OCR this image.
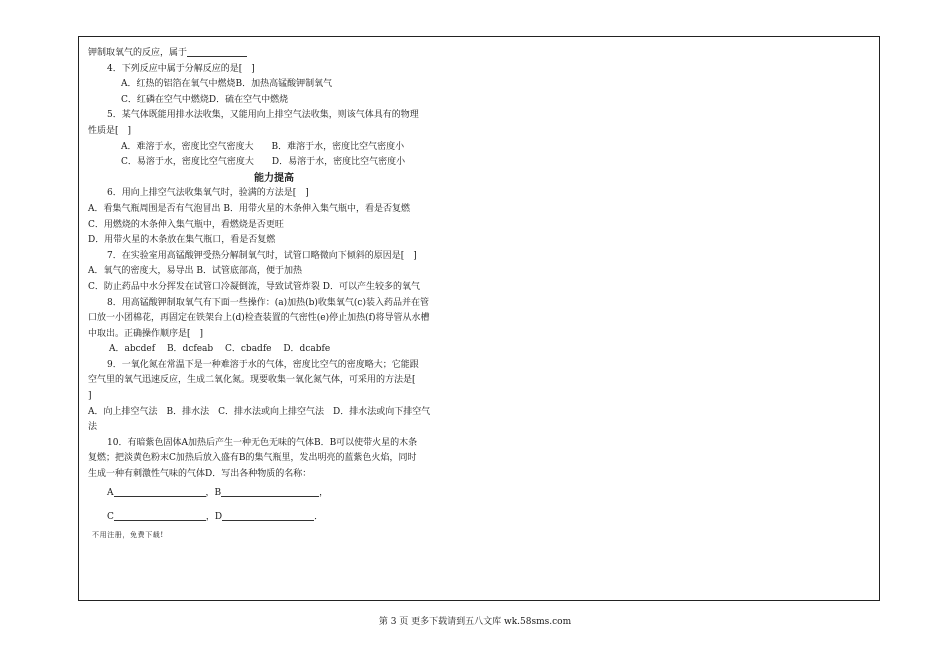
钾制取氧气的反应，属于
4．下列反应中属于分解反应的是[　]
A．红热的铝箔在氧气中燃烧B．加热高锰酸钾制氧气
C．红磷在空气中燃烧D．硫在空气中燃烧
5．某气体既能用排水法收集，又能用向上排空气法收集，则该气体具有的物理
性质是[　]
A．难溶于水，密度比空气密度大　　B．难溶于水，密度比空气密度小
C．易溶于水，密度比空气密度大　　D．易溶于水，密度比空气密度小
能力提高
6．用向上排空气法收集氧气时，验满的方法是[　]
A．看集气瓶周围是否有气泡冒出 B．用带火星的木条伸入集气瓶中，看是否复燃
C．用燃烧的木条伸入集气瓶中，看燃烧是否更旺
D．用带火星的木条放在集气瓶口，看是否复燃
7．在实验室用高锰酸钾受热分解制氧气时，试管口略微向下倾斜的原因是[　]
A．氧气的密度大，易导出 B．试管底部高，便于加热
C．防止药品中水分挥发在试管口冷凝倒流，导致试管炸裂 D．可以产生较多的氧气
8．用高锰酸钾制取氧气有下面一些操作：(a)加热(b)收集氧气(c)装入药品并在管
口放一小团棉花，再固定在铁架台上(d)检查装置的气密性(e)停止加热(f)将导管从水槽
中取出。正确操作顺序是[　]
A．abcdef　 B．dcfeab　 C．cbadfe　 D．dcabfe
9．一氧化氮在常温下是一种难溶于水的气体，密度比空气的密度略大；它能跟
空气里的氧气迅速反应，生成二氧化氮。现要收集一氧化氮气体，可采用的方法是[
]
A．向上排空气法　B．排水法　C．排水法或向上排空气法　D．排水法或向下排空气
法
10．有暗紫色固体A加热后产生一种无色无味的气体B．B可以使带火星的木条
复燃；把淡黄色粉末C加热后放入盛有B的集气瓶里，发出明亮的蓝紫色火焰，同时
生成一种有刺激性气味的气体D．写出各种物质的名称：
A	，B	，
C	，D	．
不用注册，免费下载!
第 3 页 更多下载请到五八文库 wk.58sms.com
